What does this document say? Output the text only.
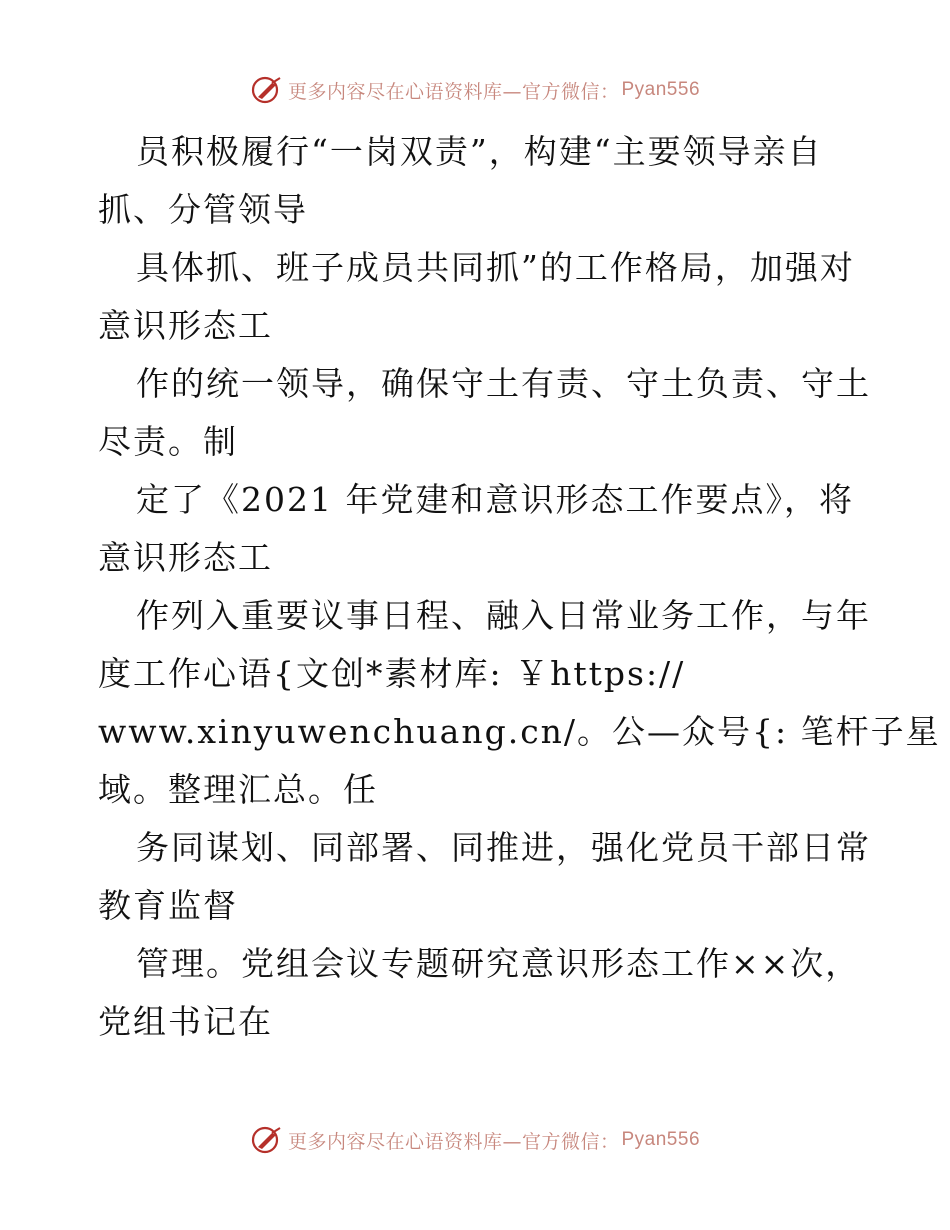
更多内容尽在心语资料库—官方微信： Pyan556
员积极履行“一岗双责”，构建“主要领导亲自
抓、分管领导
具体抓、班子成员共同抓”的工作格局，加强对
意识形态工
作的统一领导，确保守土有责、守土负责、守土
尽责。制
定了《2021 年党建和意识形态工作要点》，将
意识形态工
作列入重要议事日程、融入日常业务工作，与年
度工作心语{文创*素材库: ￥https://
www.xinyuwenchuang.cn/。公—众号{: 笔杆子星
域。整理汇总。任
务同谋划、同部署、同推进，强化党员干部日常
教育监督
管理。党组会议专题研究意识形态工作××次，
党组书记在
更多内容尽在心语资料库—官方微信： Pyan556
